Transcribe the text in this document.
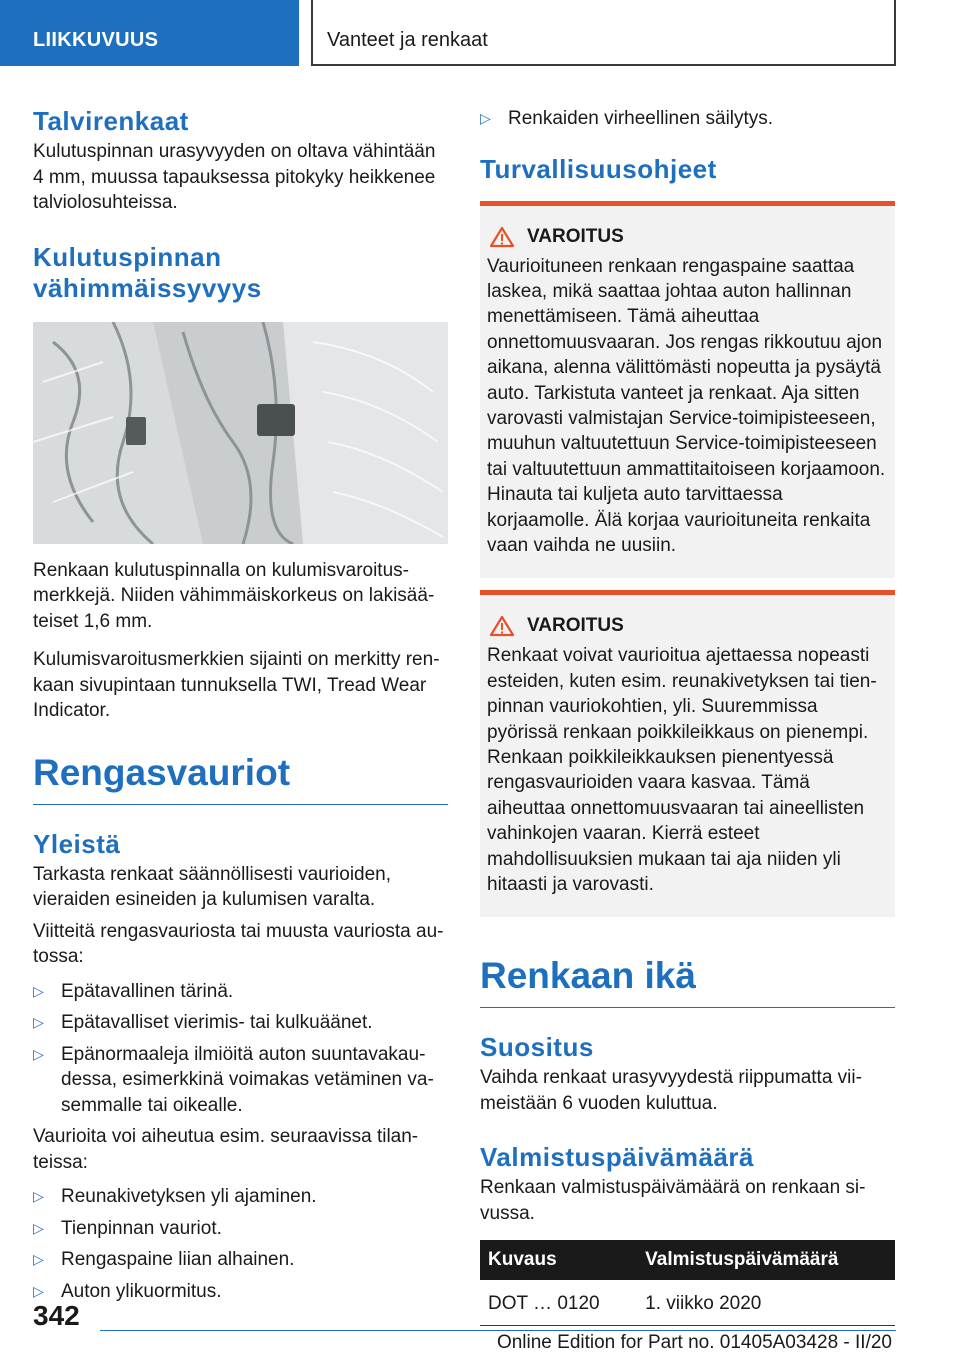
LIIKKUVUUS	Vanteet ja renkaat
Talvirenkaat

Kulutuspinnan urasyvyyden on oltava vähintään 4 mm, muussa tapauksessa pitokyky heikkenee talviolosuhteissa.

Kulutuspinnan vähimmäissyvyys

Renkaan kulutuspinnalla on kulumisvaroitusmerkkejä. Niiden vähimmäiskorkeus on lakisääteiset 1,6 mm.

Kulumisvaroitusmerkkien sijainti on merkitty renkaan sivupintaan tunnuksella TWI, Tread Wear Indicator.

Rengasvauriot
Yleistä

Tarkasta renkaat säännöllisesti vaurioiden, vieraiden esineiden ja kulumisen varalta.

Viitteitä rengasvauriosta tai muusta vauriosta autossa:

▷ Epätavallinen tärinä.
▷ Epätavalliset vierimis- tai kulkuäänet.
▷ Epänormaaleja ilmiöitä auton suuntavakaudessa, esimerkkinä voimakas vetäminen vasemmalle tai oikealle.

Vaurioita voi aiheutua esim. seuraavissa tilanteissa:

▷ Reunakivetyksen yli ajaminen.
▷ Tienpinnan vauriot.
▷ Rengaspaine liian alhainen.
▷ Auton ylikuormitus.
▷ Renkaiden virheellinen säilytys.
Turvallisuusohjeet
VAROITUS

Vaurioituneen renkaan rengaspaine saattaa laskea, mikä saattaa johtaa auton hallinnan menettämiseen. Tämä aiheuttaa onnettomuusvaaran. Jos rengas rikkoutuu ajon aikana, alenna välittömästi nopeutta ja pysäytä auto. Tarkistuta vanteet ja renkaat. Aja sitten varovasti valmistajan Service-toimipisteeseen, muuhun valtuutettuun Service-toimipisteeseen tai valtuutettuun ammattitaitoiseen korjaamoon. Hinauta tai kuljeta auto tarvittaessa korjaamolle. Älä korjaa vaurioituneita renkaita vaan vaihda ne uusiin.

VAROITUS

Renkaat voivat vaurioitua ajettaessa nopeasti esteiden, kuten esim. reunakivetyksen tai tienpinnan vauriokohtien, yli. Suuremmissa pyörissä renkaan poikkileikkaus on pienempi. Renkaan poikkileikkauksen pienentyessä rengasvaurioiden vaara kasvaa. Tämä aiheuttaa onnettomuusvaaran tai aineellisten vahinkojen vaaran. Kierrä esteet mahdollisuuksien mukaan tai aja niiden yli hitaasti ja varovasti.

Renkaan ikä
Suositus

Vaihda renkaat urasyvyydestä riippumatta viimeistään 6 vuoden kuluttua.

Valmistuspäivämäärä

Renkaan valmistuspäivämäärä on renkaan sivussa.

Kuvaus	Valmistuspäivämäärä
DOT … 0120	1. viikko 2020
342
Online Edition for Part no. 01405A03428 - II/20
